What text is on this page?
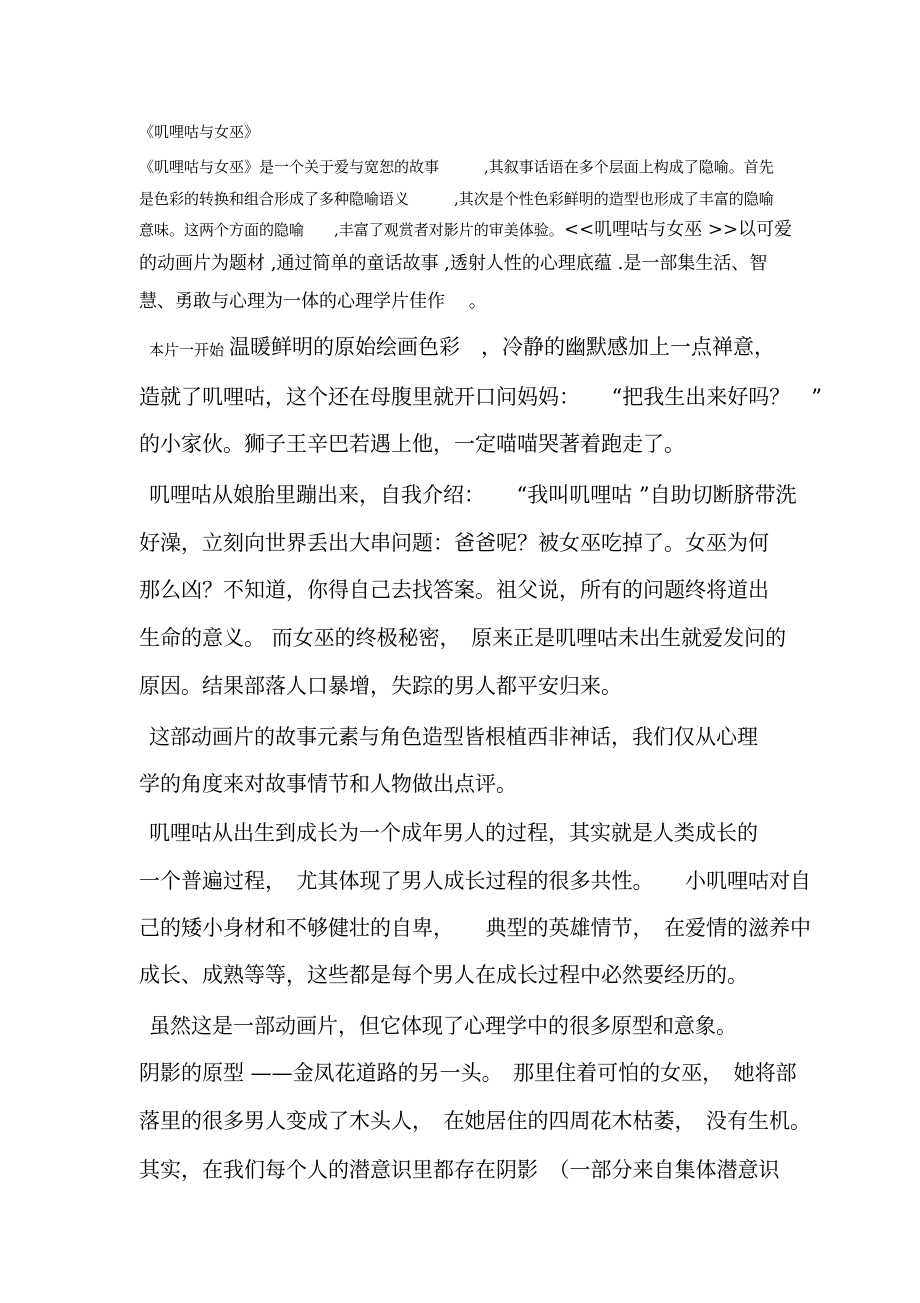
《叽哩咕与女巫》
《叽哩咕与女巫》是一个关于爱与宽恕的故事　　　,其叙事话语在多个层面上构成了隐喻。首先
是色彩的转换和组合形成了多种隐喻语义　　　,其次是个性色彩鲜明的造型也形成了丰富的隐喻
意味。这两个方面的隐喻　　,丰富了观赏者对影片的审美体验。 <<叽哩咕与女巫 >>以可爱
的动画片为题材 ,通过简单的童话故事 ,透射人性的心理底蕴 .是一部集生活、智
慧、勇敢与心理为一体的心理学片佳作　 。
本片一开始 温暖鲜明的原始绘画色彩　，冷静的幽默感加上一点禅意，
造就了叽哩咕，这个还在母腹里就开口问妈妈：　　“把我生出来好吗？　”
的小家伙。狮子王辛巴若遇上他，一定喵喵哭著着跑走了。
叽哩咕从娘胎里蹦出来，自我介绍：　　“我叫叽哩咕 ”自助切断脐带洗
好澡，立刻向世界丢出大串问题：爸爸呢？被女巫吃掉了。女巫为何
那么凶？不知道，你得自己去找答案。祖父说，所有的问题终将道出
生命的意义。 而女巫的终极秘密，　原来正是叽哩咕未出生就爱发问的
原因。结果部落人口暴增，失踪的男人都平安归来。
这部动画片的故事元素与角色造型皆根植西非神话，我们仅从心理
学的角度来对故事情节和人物做出点评。
叽哩咕从出生到成长为一个成年男人的过程，其实就是人类成长的
一个普遍过程，　尤其体现了男人成长过程的很多共性。　　小叽哩咕对自
己的矮小身材和不够健壮的自卑，　　典型的英雄情节，　在爱情的滋养中
成长、成熟等等，这些都是每个男人在成长过程中必然要经历的。
虽然这是一部动画片，但它体现了心理学中的很多原型和意象。
阴影的原型 ——金凤花道路的另一头。　那里住着可怕的女巫，　她将部
落里的很多男人变成了木头人，　在她居住的四周花木枯萎，　没有生机。
其实，在我们每个人的潜意识里都存在阴影　（一部分来自集体潜意识
